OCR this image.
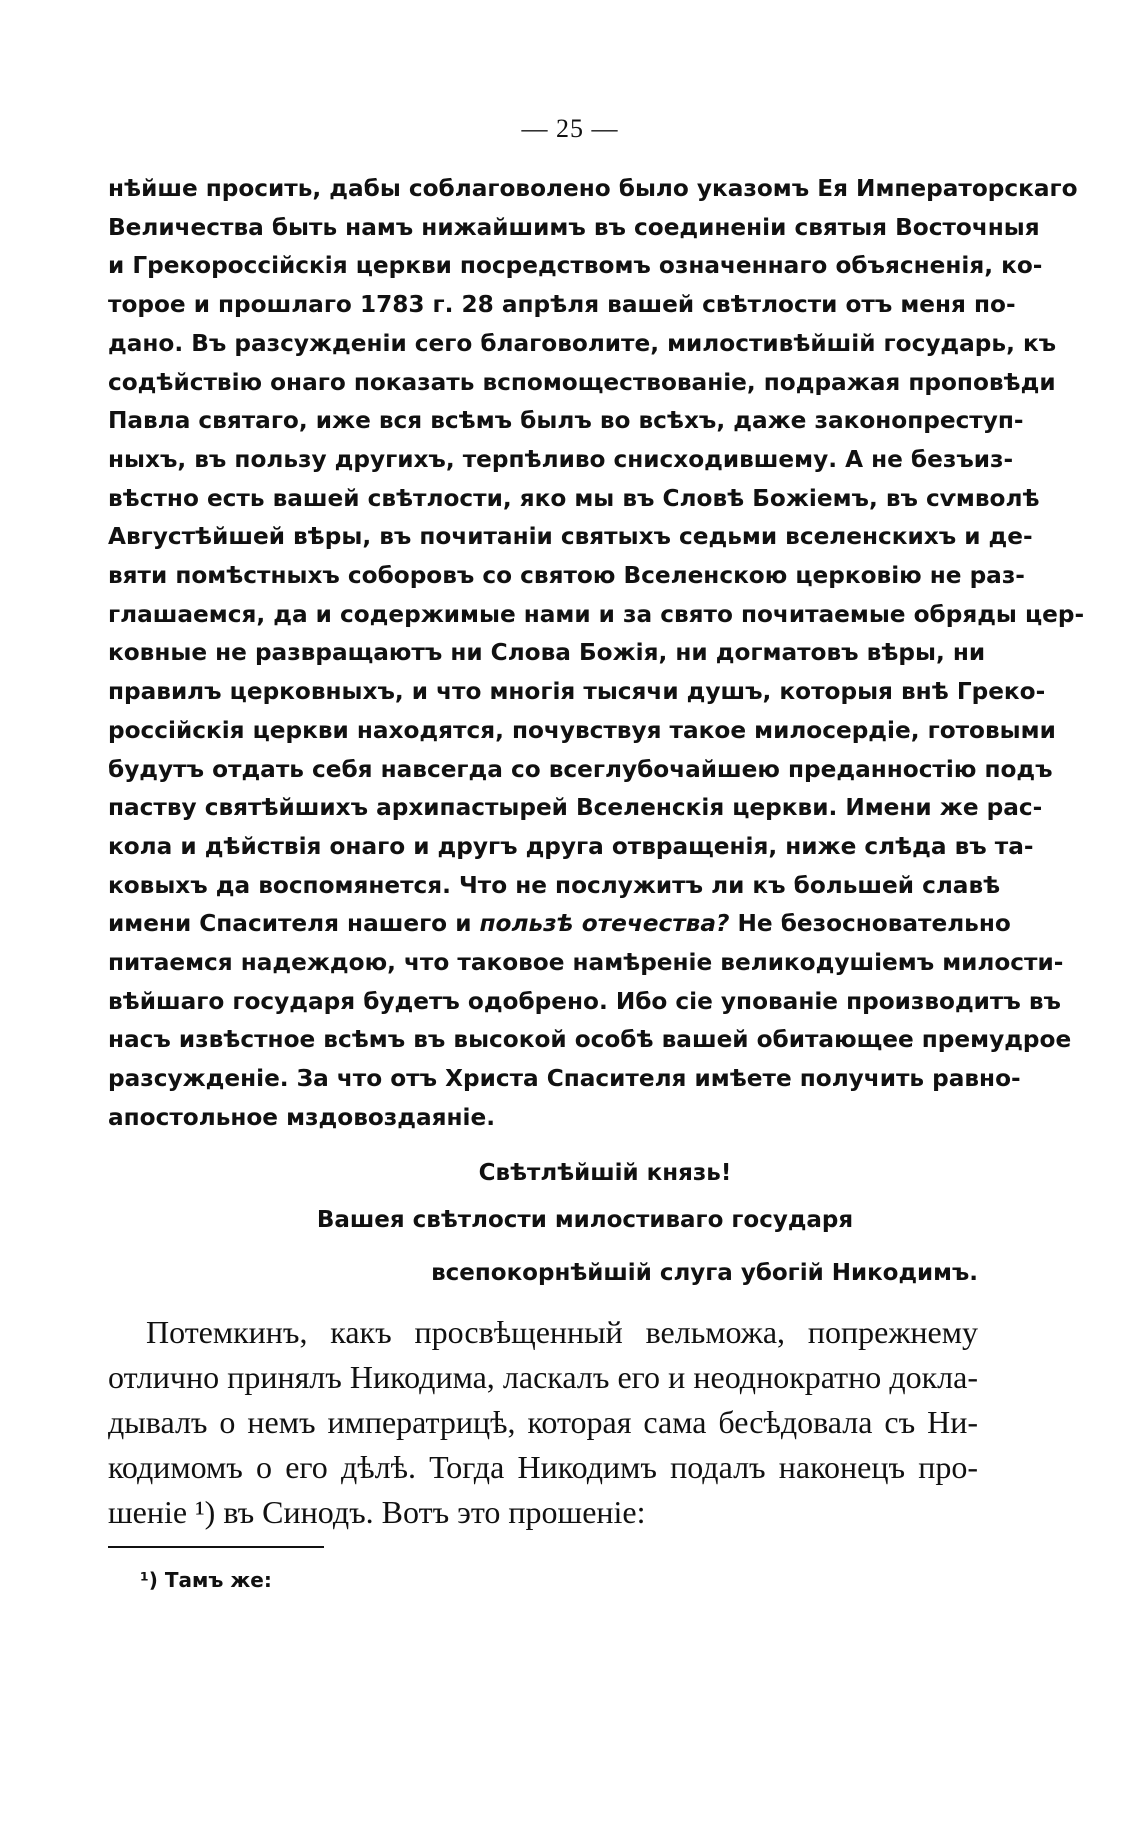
— 25 —
нѣйше просить, дабы соблаговолено было указомъ Ея Императорскаго
Величества быть намъ нижайшимъ въ соединеніи святыя Восточныя
и Грекороссійскія церкви посредствомъ означеннаго объясненія, ко-
торое и прошлаго 1783 г. 28 апрѣля вашей свѣтлости отъ меня по-
дано. Въ разсужденіи сего благоволите, милостивѣйшій государь, къ
содѣйствію онаго показать вспомоществованіе, подражая проповѣди
Павла святаго, иже вся всѣмъ былъ во всѣхъ, даже законопреступ-
ныхъ, въ пользу другихъ, терпѣливо снисходившему. А не безъиз-
вѣстно есть вашей свѣтлости, яко мы въ Словѣ Божіемъ, въ сѵмволѣ
Августѣйшей вѣры, въ почитаніи святыхъ седьми вселенскихъ и де-
вяти помѣстныхъ соборовъ со святою Вселенскою церковію не раз-
глашаемся, да и содержимые нами и за свято почитаемые обряды цер-
ковные не развращаютъ ни Слова Божія, ни догматовъ вѣры, ни
правилъ церковныхъ, и что многія тысячи душъ, которыя внѣ Греко-
россійскія церкви находятся, почувствуя такое милосердіе, готовыми
будутъ отдать себя навсегда со всеглубочайшею преданностію подъ
паству святѣйшихъ архипастырей Вселенскія церкви. Имени же рас-
кола и дѣйствія онаго и другъ друга отвращенія, ниже слѣда въ та-
ковыхъ да воспомянется. Что не послужитъ ли къ большей славѣ
имени Спасителя нашего и пользѣ отечества? Не безосновательно
питаемся надеждою, что таковое намѣреніе великодушіемъ милости-
вѣйшаго государя будетъ одобрено. Ибо сіе упованіе производитъ въ
насъ извѣстное всѣмъ въ высокой особѣ вашей обитающее премудрое
разсужденіе. За что отъ Христа Спасителя имѣете получить равно-
апостольное мздовоздаяніе.
Свѣтлѣйшій князь!
Вашея свѣтлости милостиваго государя
всепокорнѣйшій слуга убогій Никодимъ.
Потемкинъ, какъ просвѣщенный вельможа, попрежнему
отлично принялъ Никодима, ласкалъ его и неоднократно докла-
дывалъ о немъ императрицѣ, которая сама бесѣдовала съ Ни-
кодимомъ о его дѣлѣ. Тогда Никодимъ подалъ наконецъ про-
шеніе ¹) въ Синодъ. Вотъ это прошеніе:
¹) Тамъ же:
